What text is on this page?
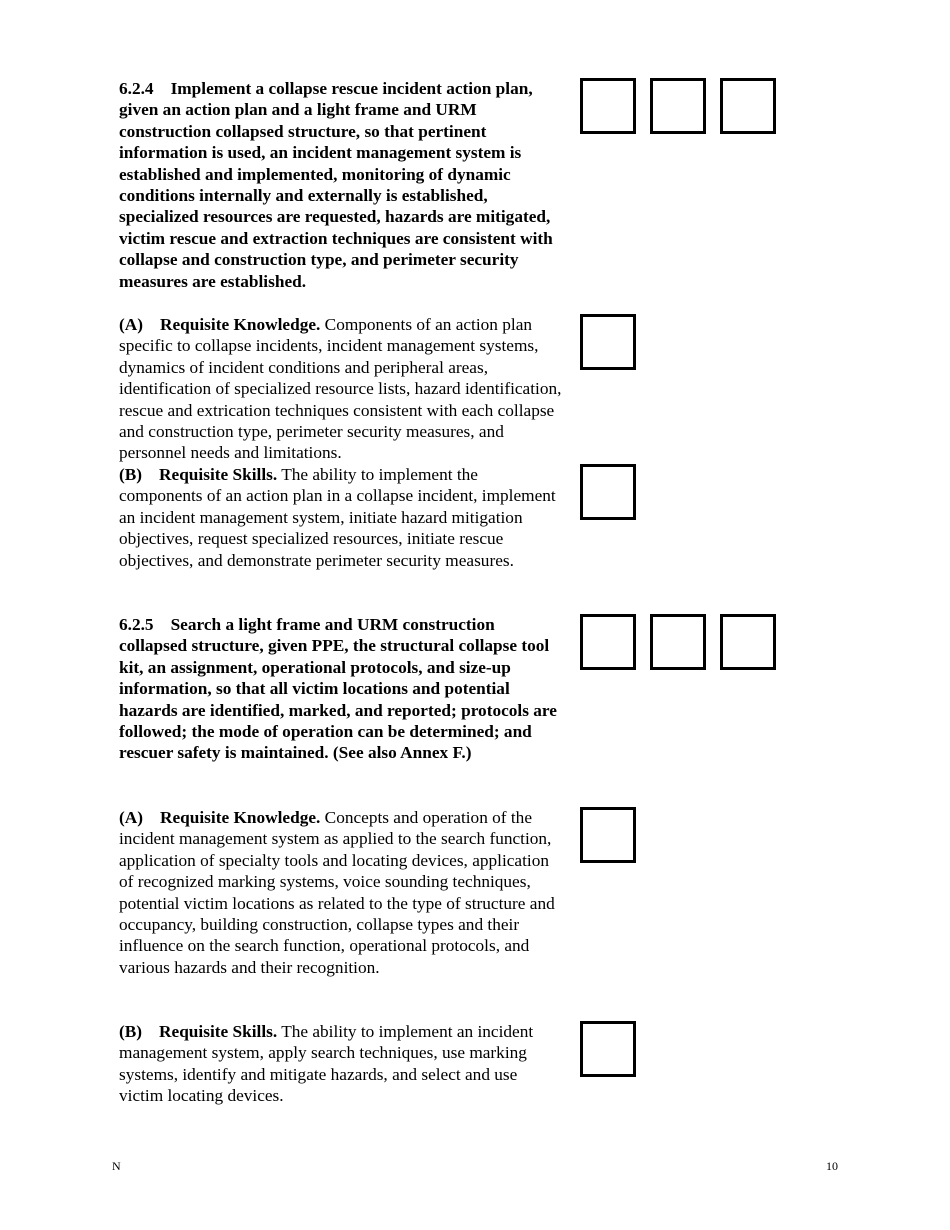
6.2.4 Implement a collapse rescue incident action plan, given an action plan and a light frame and URM construction collapsed structure, so that pertinent information is used, an incident management system is established and implemented, monitoring of dynamic conditions internally and externally is established, specialized resources are requested, hazards are mitigated, victim rescue and extraction techniques are consistent with collapse and construction type, and perimeter security measures are established.

(A) Requisite Knowledge. Components of an action plan specific to collapse incidents, incident management systems, dynamics of incident conditions and peripheral areas, identification of specialized resource lists, hazard identification, rescue and extrication techniques consistent with each collapse and construction type, perimeter security measures, and personnel needs and limitations.

(B) Requisite Skills. The ability to implement the components of an action plan in a collapse incident, implement an incident management system, initiate hazard mitigation objectives, request specialized resources, initiate rescue objectives, and demonstrate perimeter security measures.

6.2.5 Search a light frame and URM construction collapsed structure, given PPE, the structural collapse tool kit, an assignment, operational protocols, and size-up information, so that all victim locations and potential hazards are identified, marked, and reported; protocols are followed; the mode of operation can be determined; and rescuer safety is maintained. (See also Annex F.)

(A) Requisite Knowledge. Concepts and operation of the incident management system as applied to the search function, application of specialty tools and locating devices, application of recognized marking systems, voice sounding techniques, potential victim locations as related to the type of structure and occupancy, building construction, collapse types and their influence on the search function, operational protocols, and various hazards and their recognition.

(B) Requisite Skills. The ability to implement an incident management system, apply search techniques, use marking systems, identify and mitigate hazards, and select and use victim locating devices.

N	10
